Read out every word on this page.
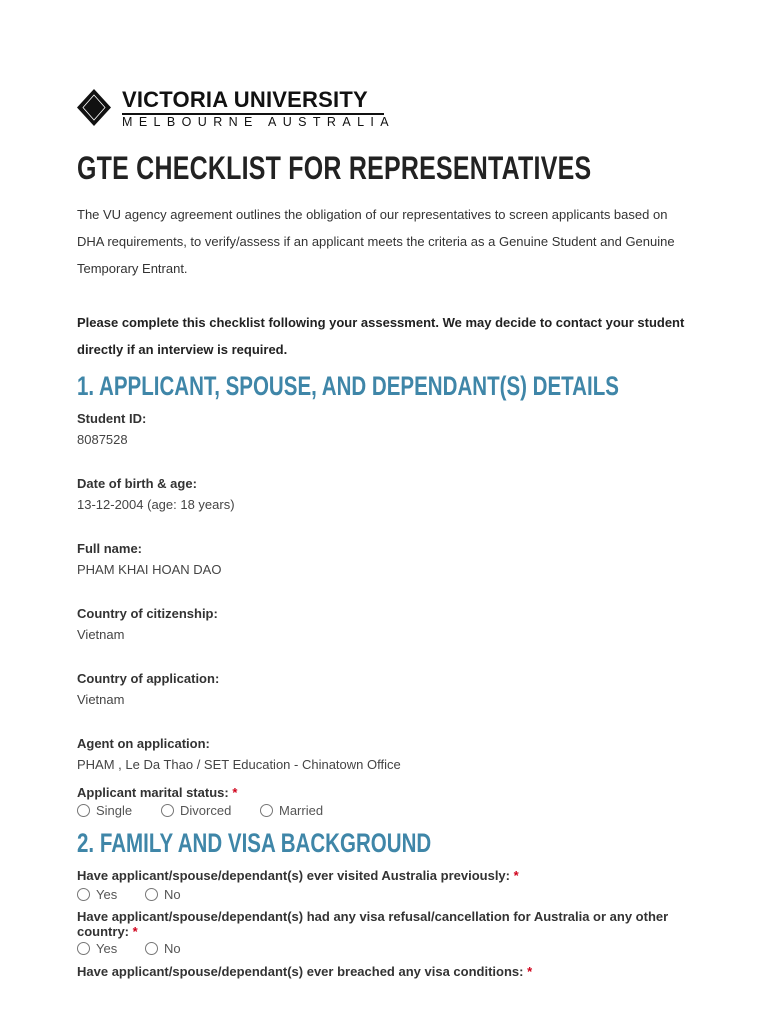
VICTORIA UNIVERSITY
MELBOURNE AUSTRALIA
GTE CHECKLIST FOR REPRESENTATIVES

The VU agency agreement outlines the obligation of our representatives to screen applicants based on DHA requirements, to verify/assess if an applicant meets the criteria as a Genuine Student and Genuine Temporary Entrant.

Please complete this checklist following your assessment. We may decide to contact your student directly if an interview is required.

1. APPLICANT, SPOUSE, AND DEPENDANT(S) DETAILS
Student ID:
8087528
Date of birth & age:
13-12-2004 (age: 18 years)
Full name:
PHAM KHAI HOAN DAO
Country of citizenship:
Vietnam
Country of application:
Vietnam
Agent on application:
PHAM , Le Da Thao / SET Education - Chinatown Office
Applicant marital status: *
Single	Divorced	Married
2. FAMILY AND VISA BACKGROUND
Have applicant/spouse/dependant(s) ever visited Australia previously: *
Yes	No
Have applicant/spouse/dependant(s) had any visa refusal/cancellation for Australia or any other country: *
Yes	No
Have applicant/spouse/dependant(s) ever breached any visa conditions: *
